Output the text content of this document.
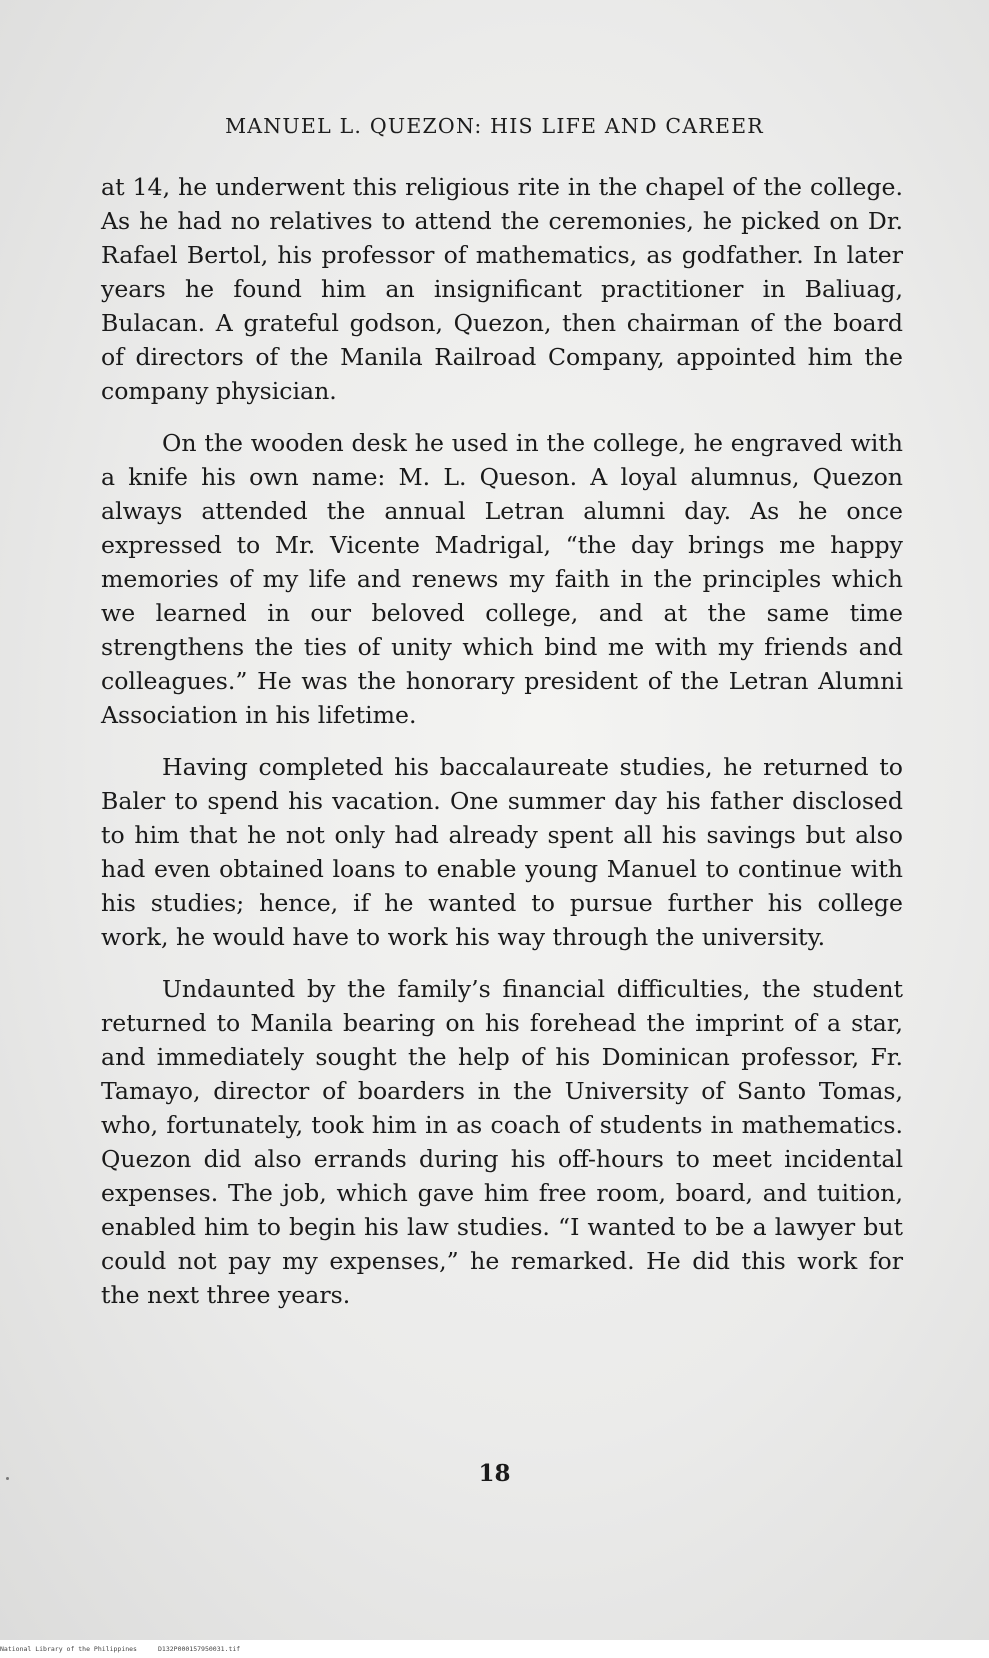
MANUEL L. QUEZON: HIS LIFE AND CAREER

at 14, he underwent this religious rite in the chapel of the college. As he had no relatives to attend the ceremonies, he picked on Dr. Rafael Bertol, his professor of mathematics, as godfather. In later years he found him an insignificant practitioner in Baliuag, Bulacan. A grateful godson, Quezon, then chairman of the board of directors of the Manila Railroad Company, appointed him the company physician.

On the wooden desk he used in the college, he engraved with a knife his own name: M. L. Queson. A loyal alumnus, Quezon always attended the annual Letran alumni day. As he once expressed to Mr. Vicente Madrigal, “the day brings me happy memories of my life and renews my faith in the principles which we learned in our beloved college, and at the same time strengthens the ties of unity which bind me with my friends and colleagues.” He was the honorary president of the Letran Alumni Association in his lifetime.

Having completed his baccalaureate studies, he returned to Baler to spend his vacation. One summer day his father disclosed to him that he not only had already spent all his savings but also had even obtained loans to enable young Manuel to continue with his studies; hence, if he wanted to pursue further his college work, he would have to work his way through the university.

Undaunted by the family’s financial difficulties, the student returned to Manila bearing on his forehead the imprint of a star, and immediately sought the help of his Dominican professor, Fr. Tamayo, director of boarders in the University of Santo Tomas, who, fortunately, took him in as coach of students in mathematics. Quezon did also errands during his off-hours to meet incidental expenses. The job, which gave him free room, board, and tuition, enabled him to begin his law studies. “I wanted to be a lawyer but could not pay my expenses,” he remarked. He did this work for the next three years.

18
National Library of the Philippines	D132P000157950031.tif
